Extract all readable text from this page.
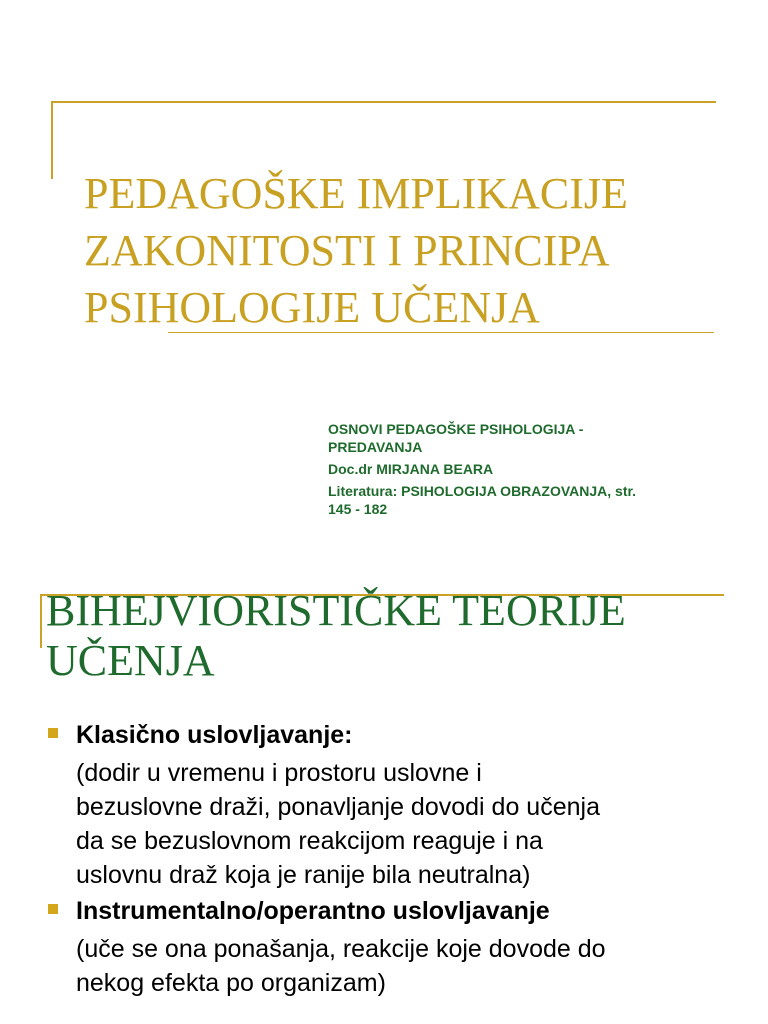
PEDAGOŠKE IMPLIKACIJE
ZAKONITOSTI I PRINCIPA
PSIHOLOGIJE UČENJA
OSNOVI PEDAGOŠKE PSIHOLOGIJA -
PREDAVANJA
Doc.dr MIRJANA BEARA
Literatura: PSIHOLOGIJA OBRAZOVANJA, str.
145 - 182
BIHEJVIORISTIČKE TEORIJE
UČENJA
Klasično uslovljavanje:
(dodir u vremenu i prostoru uslovne i
bezuslovne draži, ponavljanje dovodi do učenja
da se bezuslovnom reakcijom reaguje i na
uslovnu draž koja je ranije bila neutralna)
Instrumentalno/operantno uslovljavanje
(uče se ona ponašanja, reakcije koje dovode do
nekog efekta po organizam)
